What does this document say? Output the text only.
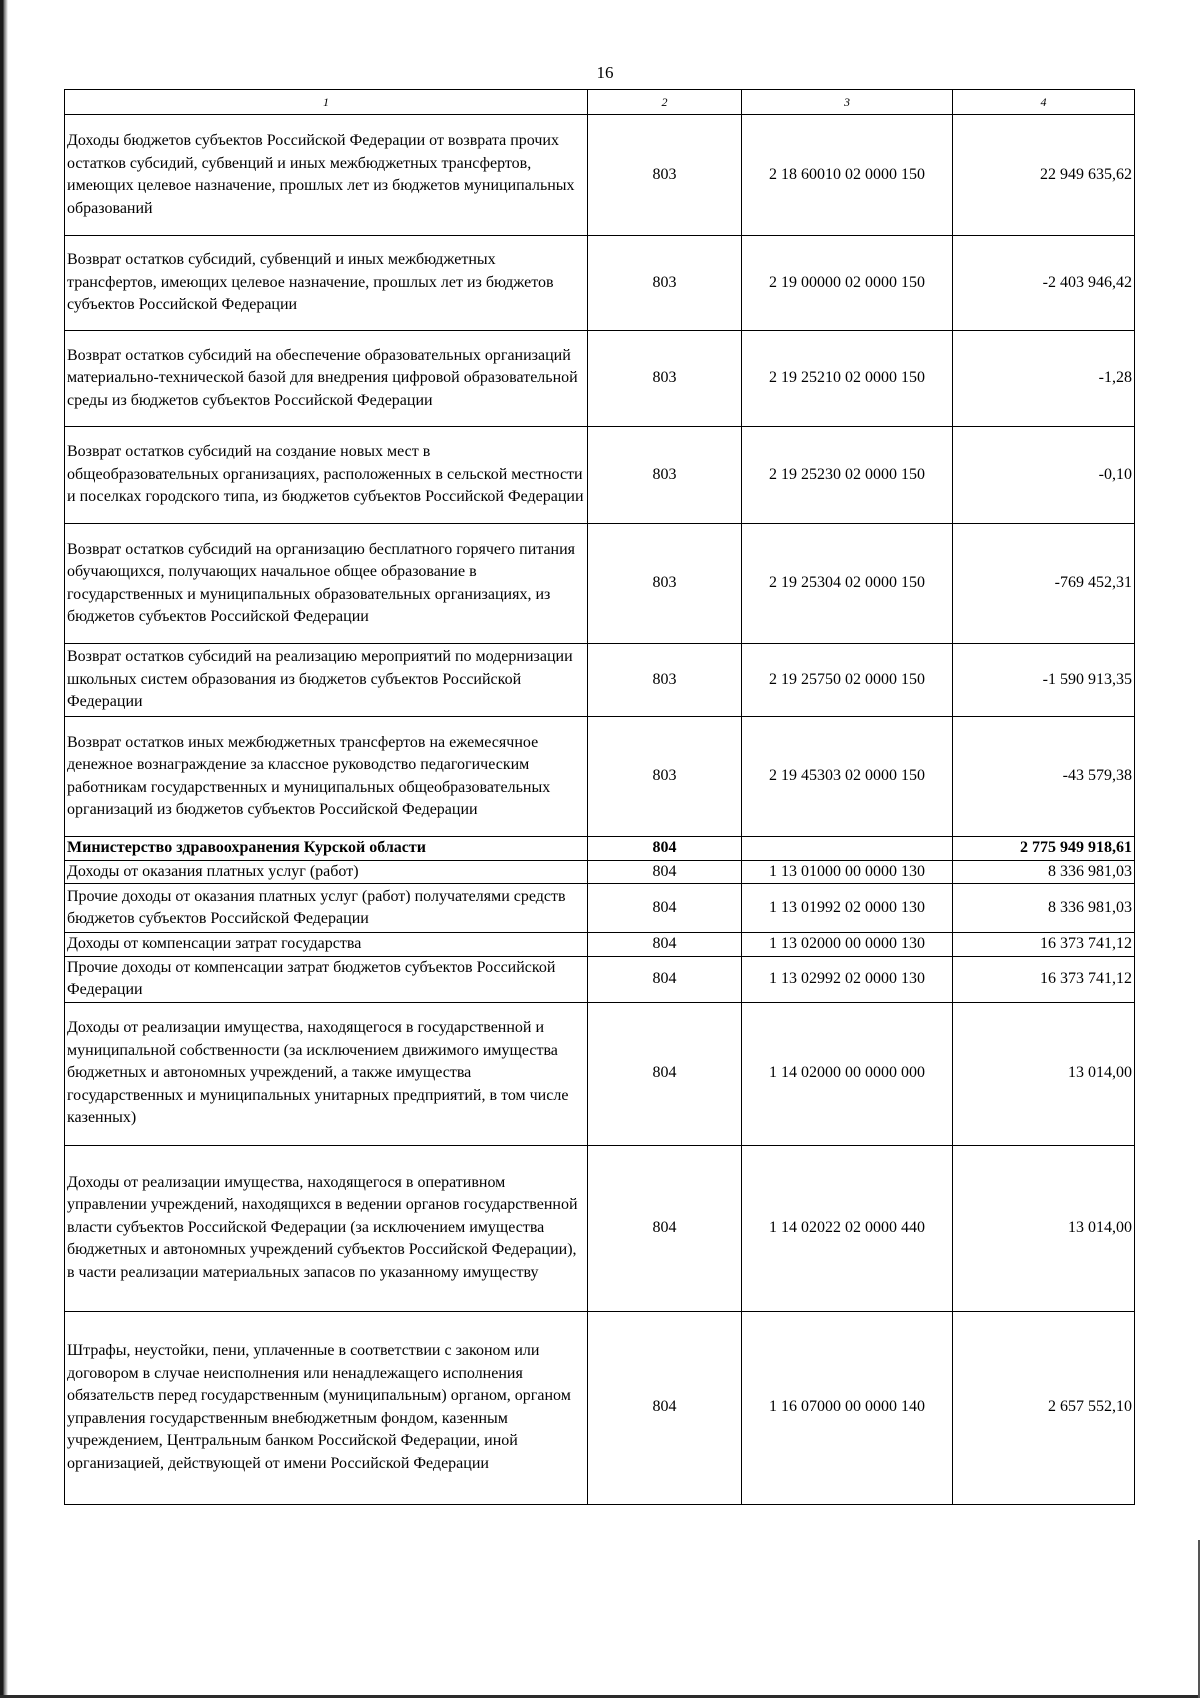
16
1	2	3	4
Доходы бюджетов субъектов Российской Федерации от возврата прочих остатков субсидий, субвенций и иных межбюджетных трансфертов, имеющих целевое назначение, прошлых лет из бюджетов муниципальных образований	803	2 18 60010 02 0000 150	22 949 635,62
Возврат остатков субсидий, субвенций и иных межбюджетных трансфертов, имеющих целевое назначение, прошлых лет из бюджетов субъектов Российской Федерации	803	2 19 00000 02 0000 150	-2 403 946,42
Возврат остатков субсидий на обеспечение образовательных организаций материально-технической базой для внедрения цифровой образовательной среды из бюджетов субъектов Российской Федерации	803	2 19 25210 02 0000 150	-1,28
Возврат остатков субсидий на создание новых мест в общеобразовательных организациях, расположенных в сельской местности и поселках городского типа, из бюджетов субъектов Российской Федерации	803	2 19 25230 02 0000 150	-0,10
Возврат остатков субсидий на организацию бесплатного горячего питания обучающихся, получающих начальное общее образование в государственных и муниципальных образовательных организациях, из бюджетов субъектов Российской Федерации	803	2 19 25304 02 0000 150	-769 452,31
Возврат остатков субсидий на реализацию мероприятий по модернизации школьных систем образования из бюджетов субъектов Российской Федерации	803	2 19 25750 02 0000 150	-1 590 913,35
Возврат остатков иных межбюджетных трансфертов на ежемесячное денежное вознаграждение за классное руководство педагогическим работникам государственных и муниципальных общеобразовательных организаций из бюджетов субъектов Российской Федерации	803	2 19 45303 02 0000 150	-43 579,38
Министерство здравоохранения Курской области	804		2 775 949 918,61
Доходы от оказания платных услуг (работ)	804	1 13 01000 00 0000 130	8 336 981,03
Прочие доходы от оказания платных услуг (работ) получателями средств бюджетов субъектов Российской Федерации	804	1 13 01992 02 0000 130	8 336 981,03
Доходы от компенсации затрат государства	804	1 13 02000 00 0000 130	16 373 741,12
Прочие доходы от компенсации затрат бюджетов субъектов Российской Федерации	804	1 13 02992 02 0000 130	16 373 741,12
Доходы от реализации имущества, находящегося в государственной и муниципальной собственности (за исключением движимого имущества бюджетных и автономных учреждений, а также имущества государственных и муниципальных унитарных предприятий, в том числе казенных)	804	1 14 02000 00 0000 000	13 014,00
Доходы от реализации имущества, находящегося в оперативном управлении учреждений, находящихся в ведении органов государственной власти субъектов Российской Федерации (за исключением имущества бюджетных и автономных учреждений субъектов Российской Федерации), в части реализации материальных запасов по указанному имуществу	804	1 14 02022 02 0000 440	13 014,00
Штрафы, неустойки, пени, уплаченные в соответствии с законом или договором в случае неисполнения или ненадлежащего исполнения обязательств перед государственным (муниципальным) органом, органом управления государственным внебюджетным фондом, казенным учреждением, Центральным банком Российской Федерации, иной организацией, действующей от имени Российской Федерации	804	1 16 07000 00 0000 140	2 657 552,10
